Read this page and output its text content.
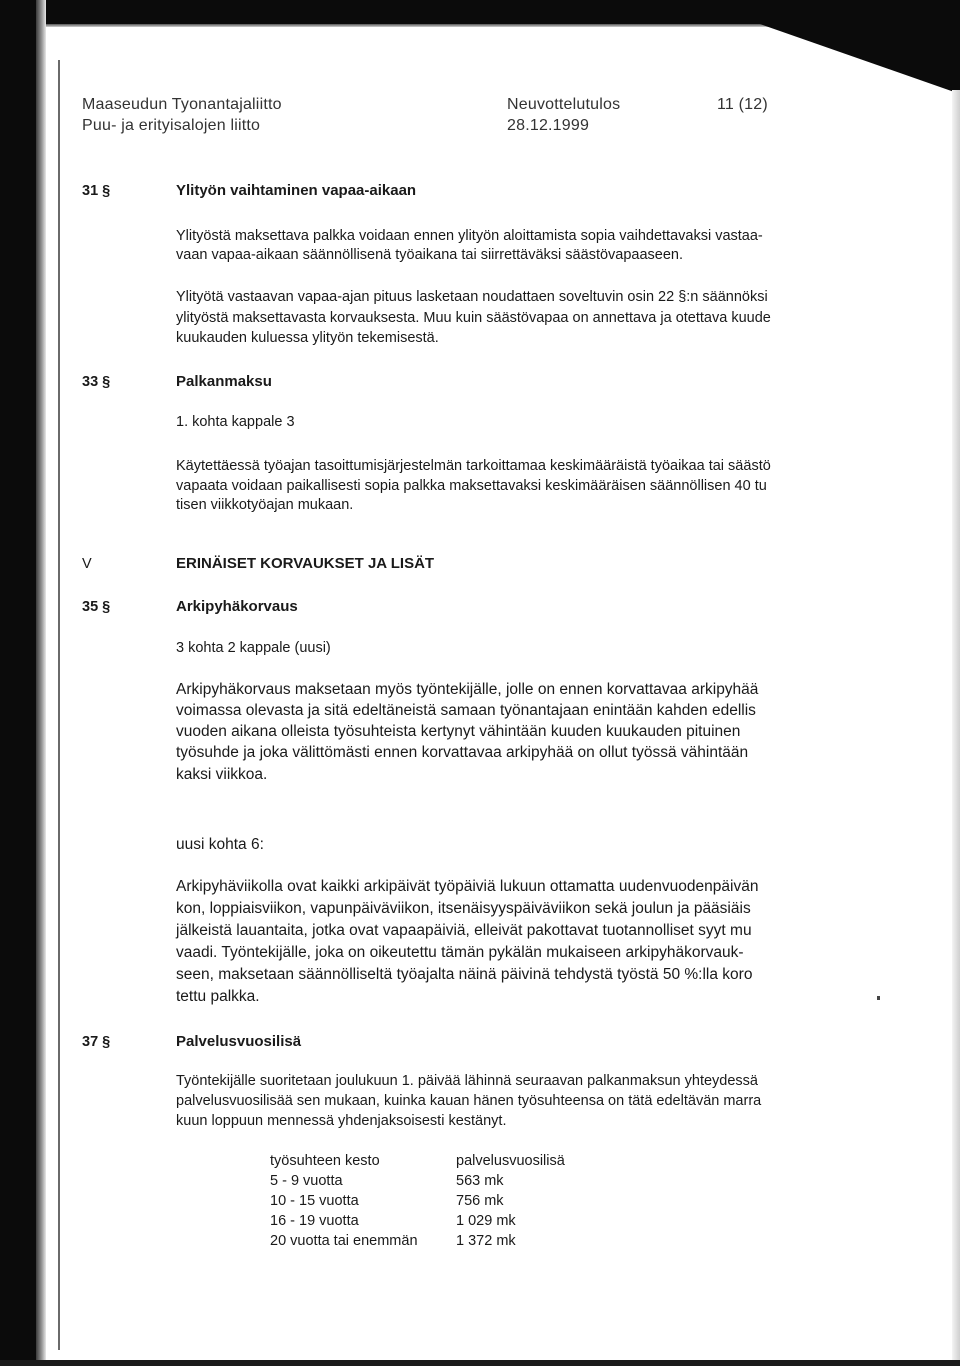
Maaseudun Tyonantajaliitto
Puu- ja erityisalojen liitto
Neuvottelutulos
28.12.1999
11 (12)
31 §	Ylityön vaihtaminen vapaa-aikaan
Ylityöstä maksettava palkka voidaan ennen ylityön aloittamista sopia vaihdettavaksi vastaa-
vaan vapaa-aikaan säännöllisenä työaikana tai siirrettäväksi säästövapaaseen.
Ylityötä vastaavan vapaa-ajan pituus lasketaan noudattaen soveltuvin osin 22 §:n säännöksi
ylityöstä maksettavasta korvauksesta. Muu kuin säästövapaa on annettava ja otettava kuude
kuukauden kuluessa ylityön tekemisestä.
33 §	Palkanmaksu
1. kohta kappale 3
Käytettäessä työajan tasoittumisjärjestelmän tarkoittamaa keskimääräistä työaikaa tai säästö
vapaata voidaan paikallisesti sopia palkka maksettavaksi keskimääräisen säännöllisen 40 tu
tisen viikkotyöajan mukaan.
V	ERINÄISET KORVAUKSET JA LISÄT
35 §	Arkipyhäkorvaus
3 kohta 2 kappale (uusi)
Arkipyhäkorvaus maksetaan myös työntekijälle, jolle on ennen korvattavaa arkipyhää
voimassa olevasta ja sitä edeltäneistä samaan työnantajaan enintään kahden edellis
vuoden aikana olleista työsuhteista kertynyt vähintään kuuden kuukauden pituinen
työsuhde ja joka välittömästi ennen korvattavaa arkipyhää on ollut työssä vähintään
kaksi viikkoa.
uusi kohta 6:
Arkipyhäviikolla ovat kaikki arkipäivät työpäiviä lukuun ottamatta uudenvuodenpäivän
kon, loppiaisviikon, vapunpäiväviikon, itsenäisyyspäiväviikon sekä joulun ja pääsiäis
jälkeistä lauantaita, jotka ovat vapaapäiviä, elleivät pakottavat tuotannolliset syyt mu
vaadi. Työntekijälle, joka on oikeutettu tämän pykälän mukaiseen arkipyhäkorvauk-
seen, maksetaan säännölliseltä työajalta näinä päivinä tehdystä työstä 50 %:lla koro
tettu palkka.
37 §	Palvelusvuosilisä
Työntekijälle suoritetaan joulukuun 1. päivää lähinnä seuraavan palkanmaksun yhteydessä
palvelusvuosilisää sen mukaan, kuinka kauan hänen työsuhteensa on tätä edeltävän marra
kuun loppuun mennessä yhdenjaksoisesti kestänyt.
työsuhteen kesto	palvelusvuosilisä
5 - 9 vuotta	563 mk
10 - 15 vuotta	756 mk
16 - 19 vuotta	1 029 mk
20 vuotta tai enemmän	1 372 mk
